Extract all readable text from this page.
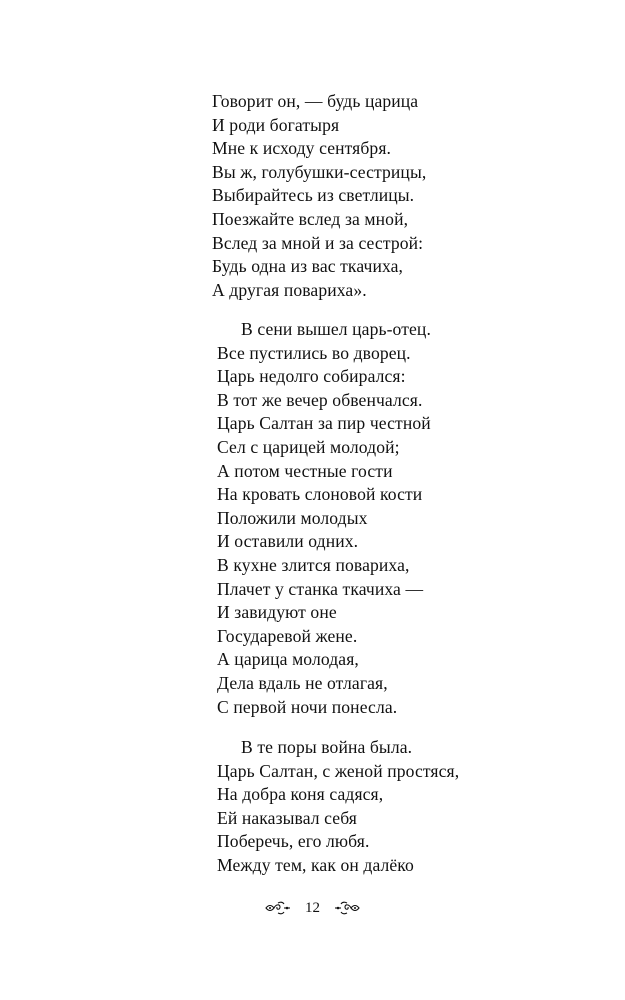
Говорит он, — будь царица
И роди богатыря
Мне к исходу сентября.
Вы ж, голубушки-сестрицы,
Выбирайтесь из светлицы.
Поезжайте вслед за мной,
Вслед за мной и за сестрой:
Будь одна из вас ткачиха,
А другая повариха».
В сени вышел царь-отец.
Все пустились во дворец.
Царь недолго собирался:
В тот же вечер обвенчался.
Царь Салтан за пир честной
Сел с царицей молодой;
А потом честные гости
На кровать слоновой кости
Положили молодых
И оставили одних.
В кухне злится повариха,
Плачет у станка ткачиха —
И завидуют оне
Государевой жене.
А царица молодая,
Дела вдаль не отлагая,
С первой ночи понесла.
В те поры война была.
Царь Салтан, с женой простяся,
На добра коня садяся,
Ей наказывал себя
Поберечь, его любя.
Между тем, как он далёко
12
